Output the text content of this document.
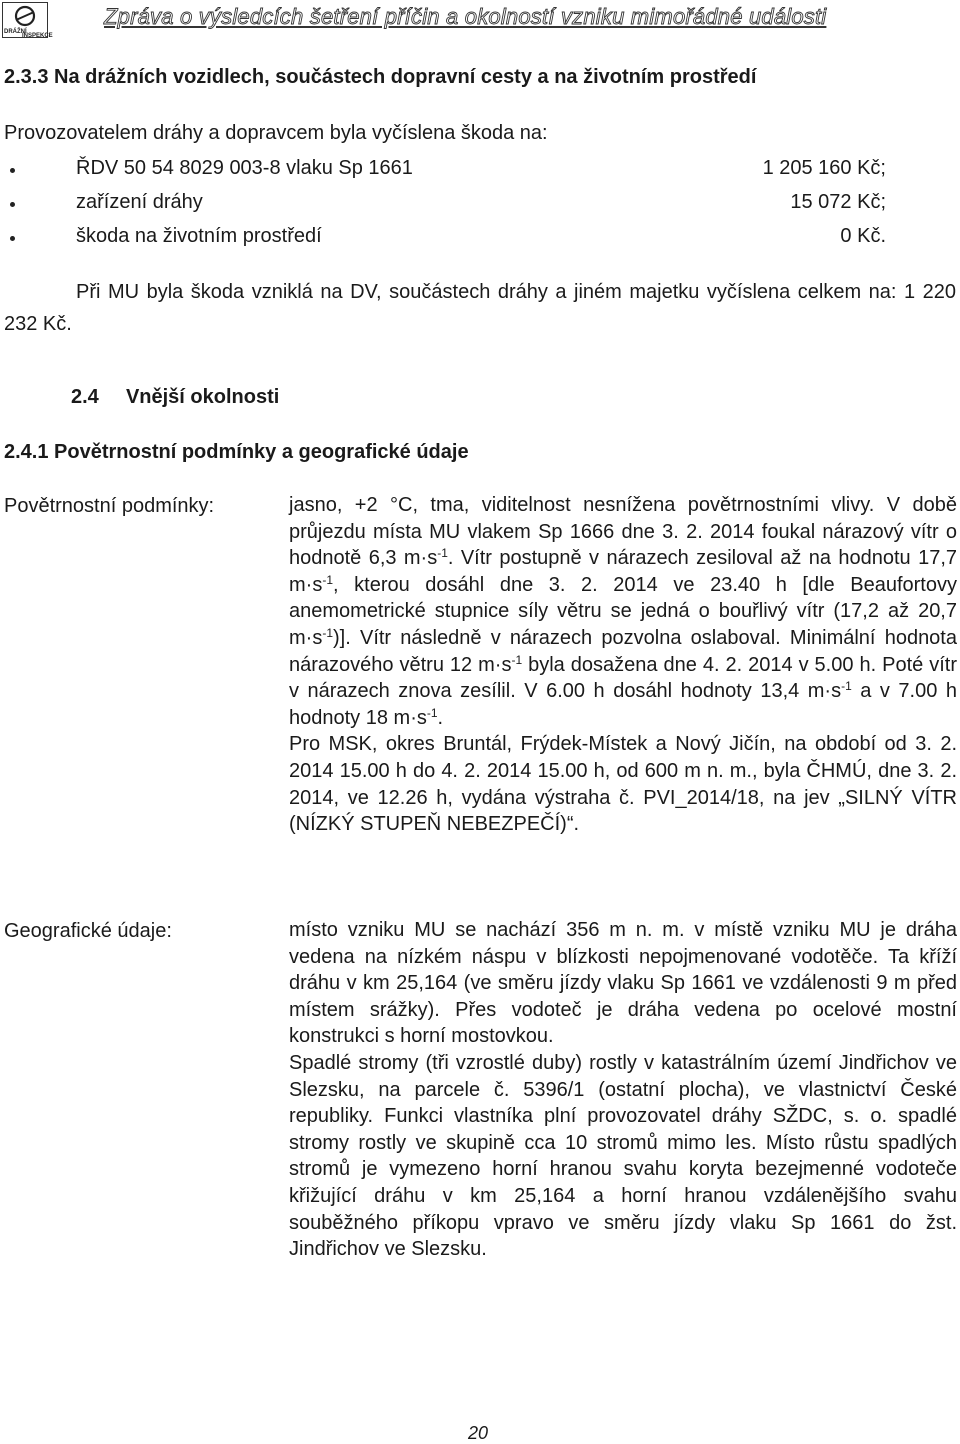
DRÁŽNÍ
INSPEKCE
Zpráva o výsledcích šetření příčin a okolností vzniku mimořádné události
2.3.3 Na drážních vozidlech, součástech dopravní cesty a na životním prostředí
Provozovatelem dráhy a dopravcem byla vyčíslena škoda na:
ŘDV 50 54 8029 003-8 vlaku Sp 1661	1 205 160 Kč;
zařízení dráhy	15 072 Kč;
škoda na životním prostředí	0 Kč.
Při MU byla škoda vzniklá na DV, součástech dráhy a jiném majetku vyčíslena celkem na: 1 220 232 Kč.
2.4 Vnější okolnosti
2.4.1 Povětrnostní podmínky a geografické údaje
Povětrnostní podmínky:	jasno, +2 °C, tma, viditelnost nesnížena povětrnostními vlivy. V době průjezdu místa MU vlakem Sp 1666 dne 3. 2. 2014 foukal nárazový vítr o hodnotě 6,3 $m\cdot s^{-1}$. Vítr postupně v nárazech zesiloval až na hodnotu 17,7 $m\cdot s^{-1}$, kterou dosáhl dne 3. 2. 2014 ve 23.40 h [dle Beaufortovy anemometrické stupnice síly větru se jedná o bouřlivý vítr (17,2 až 20,7 $m\cdot s^{-1}$)]. Vítr následně v nárazech pozvolna oslaboval. Minimální hodnota nárazového větru 12 $m\cdot s^{-1}$ byla dosažena dne 4. 2. 2014 v 5.00 h. Poté vítr v nárazech znova zesílil. V 6.00 h dosáhl hodnoty 13,4 $m\cdot s^{-1}$ a v 7.00 h hodnoty 18 $m\cdot s^{-1}$.

Pro MSK, okres Bruntál, Frýdek-Místek a Nový Jičín, na období od 3. 2. 2014 15.00 h do 4. 2. 2014 15.00 h, od 600 m n. m., byla ČHMÚ, dne 3. 2. 2014, ve 12.26 h, vydána výstraha č. PVI_2014/18, na jev „SILNÝ VÍTR (NÍZKÝ STUPEŇ NEBEZPEČÍ)“.

Geografické údaje:	místo vzniku MU se nachází 356 m n. m. v místě vzniku MU je dráha vedena na nízkém náspu v blízkosti nepojmenované vodotěče. Ta kříží dráhu v km 25,164 (ve směru jízdy vlaku Sp 1661 ve vzdálenosti 9 m před místem srážky). Přes vodoteč je dráha vedena po ocelové mostní konstrukci s horní mostovkou.

Spadlé stromy (tři vzrostlé duby) rostly v katastrálním území Jindřichov ve Slezsku, na parcele č. 5396/1 (ostatní plocha), ve vlastnictví České republiky. Funkci vlastníka plní provozovatel dráhy SŽDC, s. o. spadlé stromy rostly ve skupině cca 10 stromů mimo les. Místo růstu spadlých stromů je vymezeno horní hranou svahu koryta bezejmenné vodoteče křižující dráhu v km 25,164 a horní hranou vzdálenějšího svahu souběžného příkopu vpravo ve směru jízdy vlaku Sp 1661 do žst. Jindřichov ve Slezsku.

20
